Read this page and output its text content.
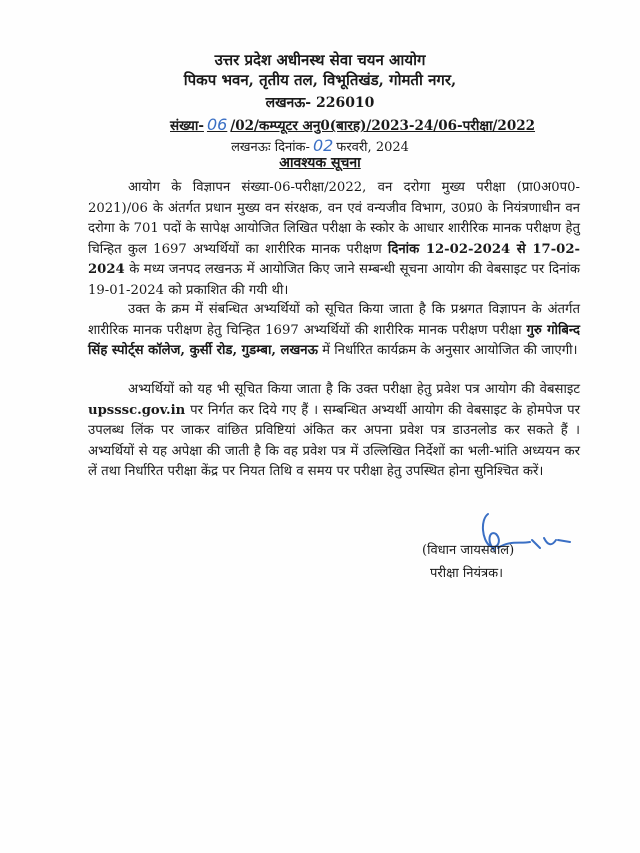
उत्तर प्रदेश अधीनस्थ सेवा चयन आयोग
पिकप भवन, तृतीय तल, विभूतिखंड, गोमती नगर,
लखनऊ- 226010
संख्या- 06 /02/कम्प्यूटर अनु0(बारह)/2023-24/06-परीक्षा/2022
लखनऊः दिनांक- 02 फरवरी, 2024
आवश्यक सूचना
आयोग के विज्ञापन संख्या-06-परीक्षा/2022, वन दरोगा मुख्य परीक्षा (प्रा0अ0प0-2021)/06 के अंतर्गत प्रधान मुख्य वन संरक्षक, वन एवं वन्यजीव विभाग, उ0प्र0 के नियंत्रणाधीन वन दरोगा के 701 पदों के सापेक्ष आयोजित लिखित परीक्षा के स्कोर के आधार शारीरिक मानक परीक्षण हेतु चिन्हित कुल 1697 अभ्यर्थियों का शारीरिक मानक परीक्षण दिनांक 12-02-2024 से 17-02-2024 के मध्य जनपद लखनऊ में आयोजित किए जाने सम्बन्धी सूचना आयोग की वेबसाइट पर दिनांक 19-01-2024 को प्रकाशित की गयी थी।
उक्त के क्रम में संबन्धित अभ्यर्थियों को सूचित किया जाता है कि प्रश्नगत विज्ञापन के अंतर्गत शारीरिक मानक परीक्षण हेतु चिन्हित 1697 अभ्यर्थियों की शारीरिक मानक परीक्षण परीक्षा गुरु गोबिन्द सिंह स्पोर्ट्स कॉलेज, कुर्सी रोड, गुडम्बा, लखनऊ में निर्धारित कार्यक्रम के अनुसार आयोजित की जाएगी।
अभ्यर्थियों को यह भी सूचित किया जाता है कि उक्त परीक्षा हेतु प्रवेश पत्र आयोग की वेबसाइट upsssc.gov.in पर निर्गत कर दिये गए हैं । सम्बन्धित अभ्यर्थी आयोग की वेबसाइट के होमपेज पर उपलब्ध लिंक पर जाकर वांछित प्रविष्टियां अंकित कर अपना प्रवेश पत्र डाउनलोड कर सकते हैं । अभ्यर्थियों से यह अपेक्षा की जाती है कि वह प्रवेश पत्र में उल्लिखित निर्देशों का भली-भांति अध्ययन कर लें तथा निर्धारित परीक्षा केंद्र पर नियत तिथि व समय पर परीक्षा हेतु उपस्थित होना सुनिश्चित करें।
(विधान जायसवाल)
परीक्षा नियंत्रक।
